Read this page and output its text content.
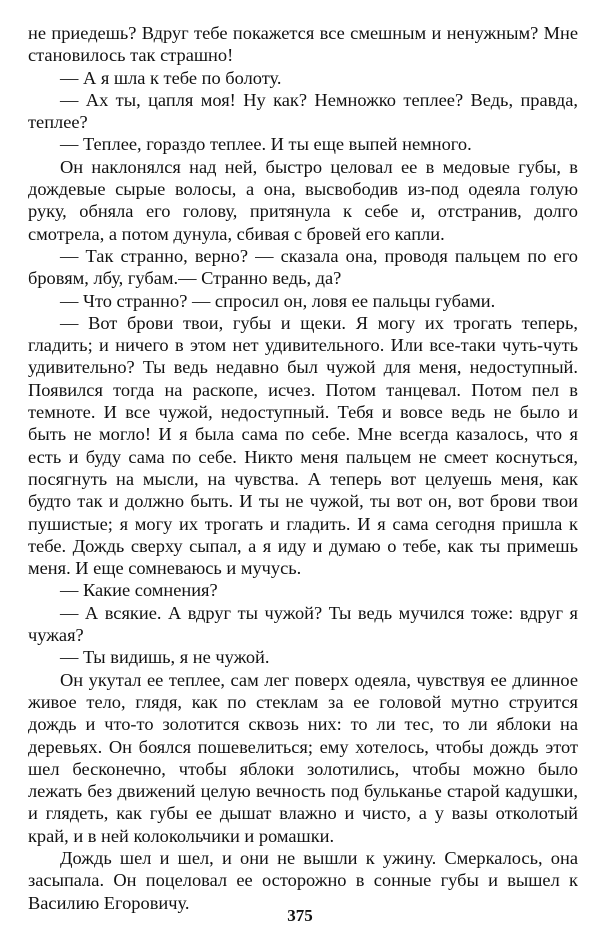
не приедешь? Вдруг тебе покажется все смешным и ненужным? Мне становилось так страшно!

— А я шла к тебе по болоту.

— Ах ты, цапля моя! Ну как? Немножко теплее? Ведь, правда, теплее?

— Теплее, гораздо теплее. И ты еще выпей немного.

Он наклонялся над ней, быстро целовал ее в медовые губы, в дождевые сырые волосы, а она, высвободив из-под одеяла голую руку, обняла его голову, притянула к себе и, отстранив, долго смотрела, а потом дунула, сбивая с бровей его капли.

— Так странно, верно? — сказала она, проводя пальцем по его бровям, лбу, губам.— Странно ведь, да?

— Что странно? — спросил он, ловя ее пальцы губами.

— Вот брови твои, губы и щеки. Я могу их трогать теперь, гладить; и ничего в этом нет удивительного. Или все-таки чуть-чуть удивительно? Ты ведь недавно был чужой для меня, недоступный. Появился тогда на раскопе, исчез. Потом танцевал. Потом пел в темноте. И все чужой, недоступный. Тебя и вовсе ведь не было и быть не могло! И я была сама по себе. Мне всегда казалось, что я есть и буду сама по себе. Никто меня пальцем не смеет коснуться, посягнуть на мысли, на чувства. А теперь вот целуешь меня, как будто так и должно быть. И ты не чужой, ты вот он, вот брови твои пушистые; я могу их трогать и гладить. И я сама сегодня пришла к тебе. Дождь сверху сыпал, а я иду и думаю о тебе, как ты примешь меня. И еще сомневаюсь и мучусь.

— Какие сомнения?

— А всякие. А вдруг ты чужой? Ты ведь мучился тоже: вдруг я чужая?

— Ты видишь, я не чужой.

Он укутал ее теплее, сам лег поверх одеяла, чувствуя ее длинное живое тело, глядя, как по стеклам за ее головой мутно струится дождь и что-то золотится сквозь них: то ли тес, то ли яблоки на деревьях. Он боялся пошевелиться; ему хотелось, чтобы дождь этот шел бесконечно, чтобы яблоки золотились, чтобы можно было лежать без движений целую вечность под бульканье старой кадушки, и глядеть, как губы ее дышат влажно и чисто, а у вазы отколотый край, и в ней колокольчики и ромашки.

Дождь шел и шел, и они не вышли к ужину. Смеркалось, она засыпала. Он поцеловал ее осторожно в сонные губы и вышел к Василию Егоровичу.

375
